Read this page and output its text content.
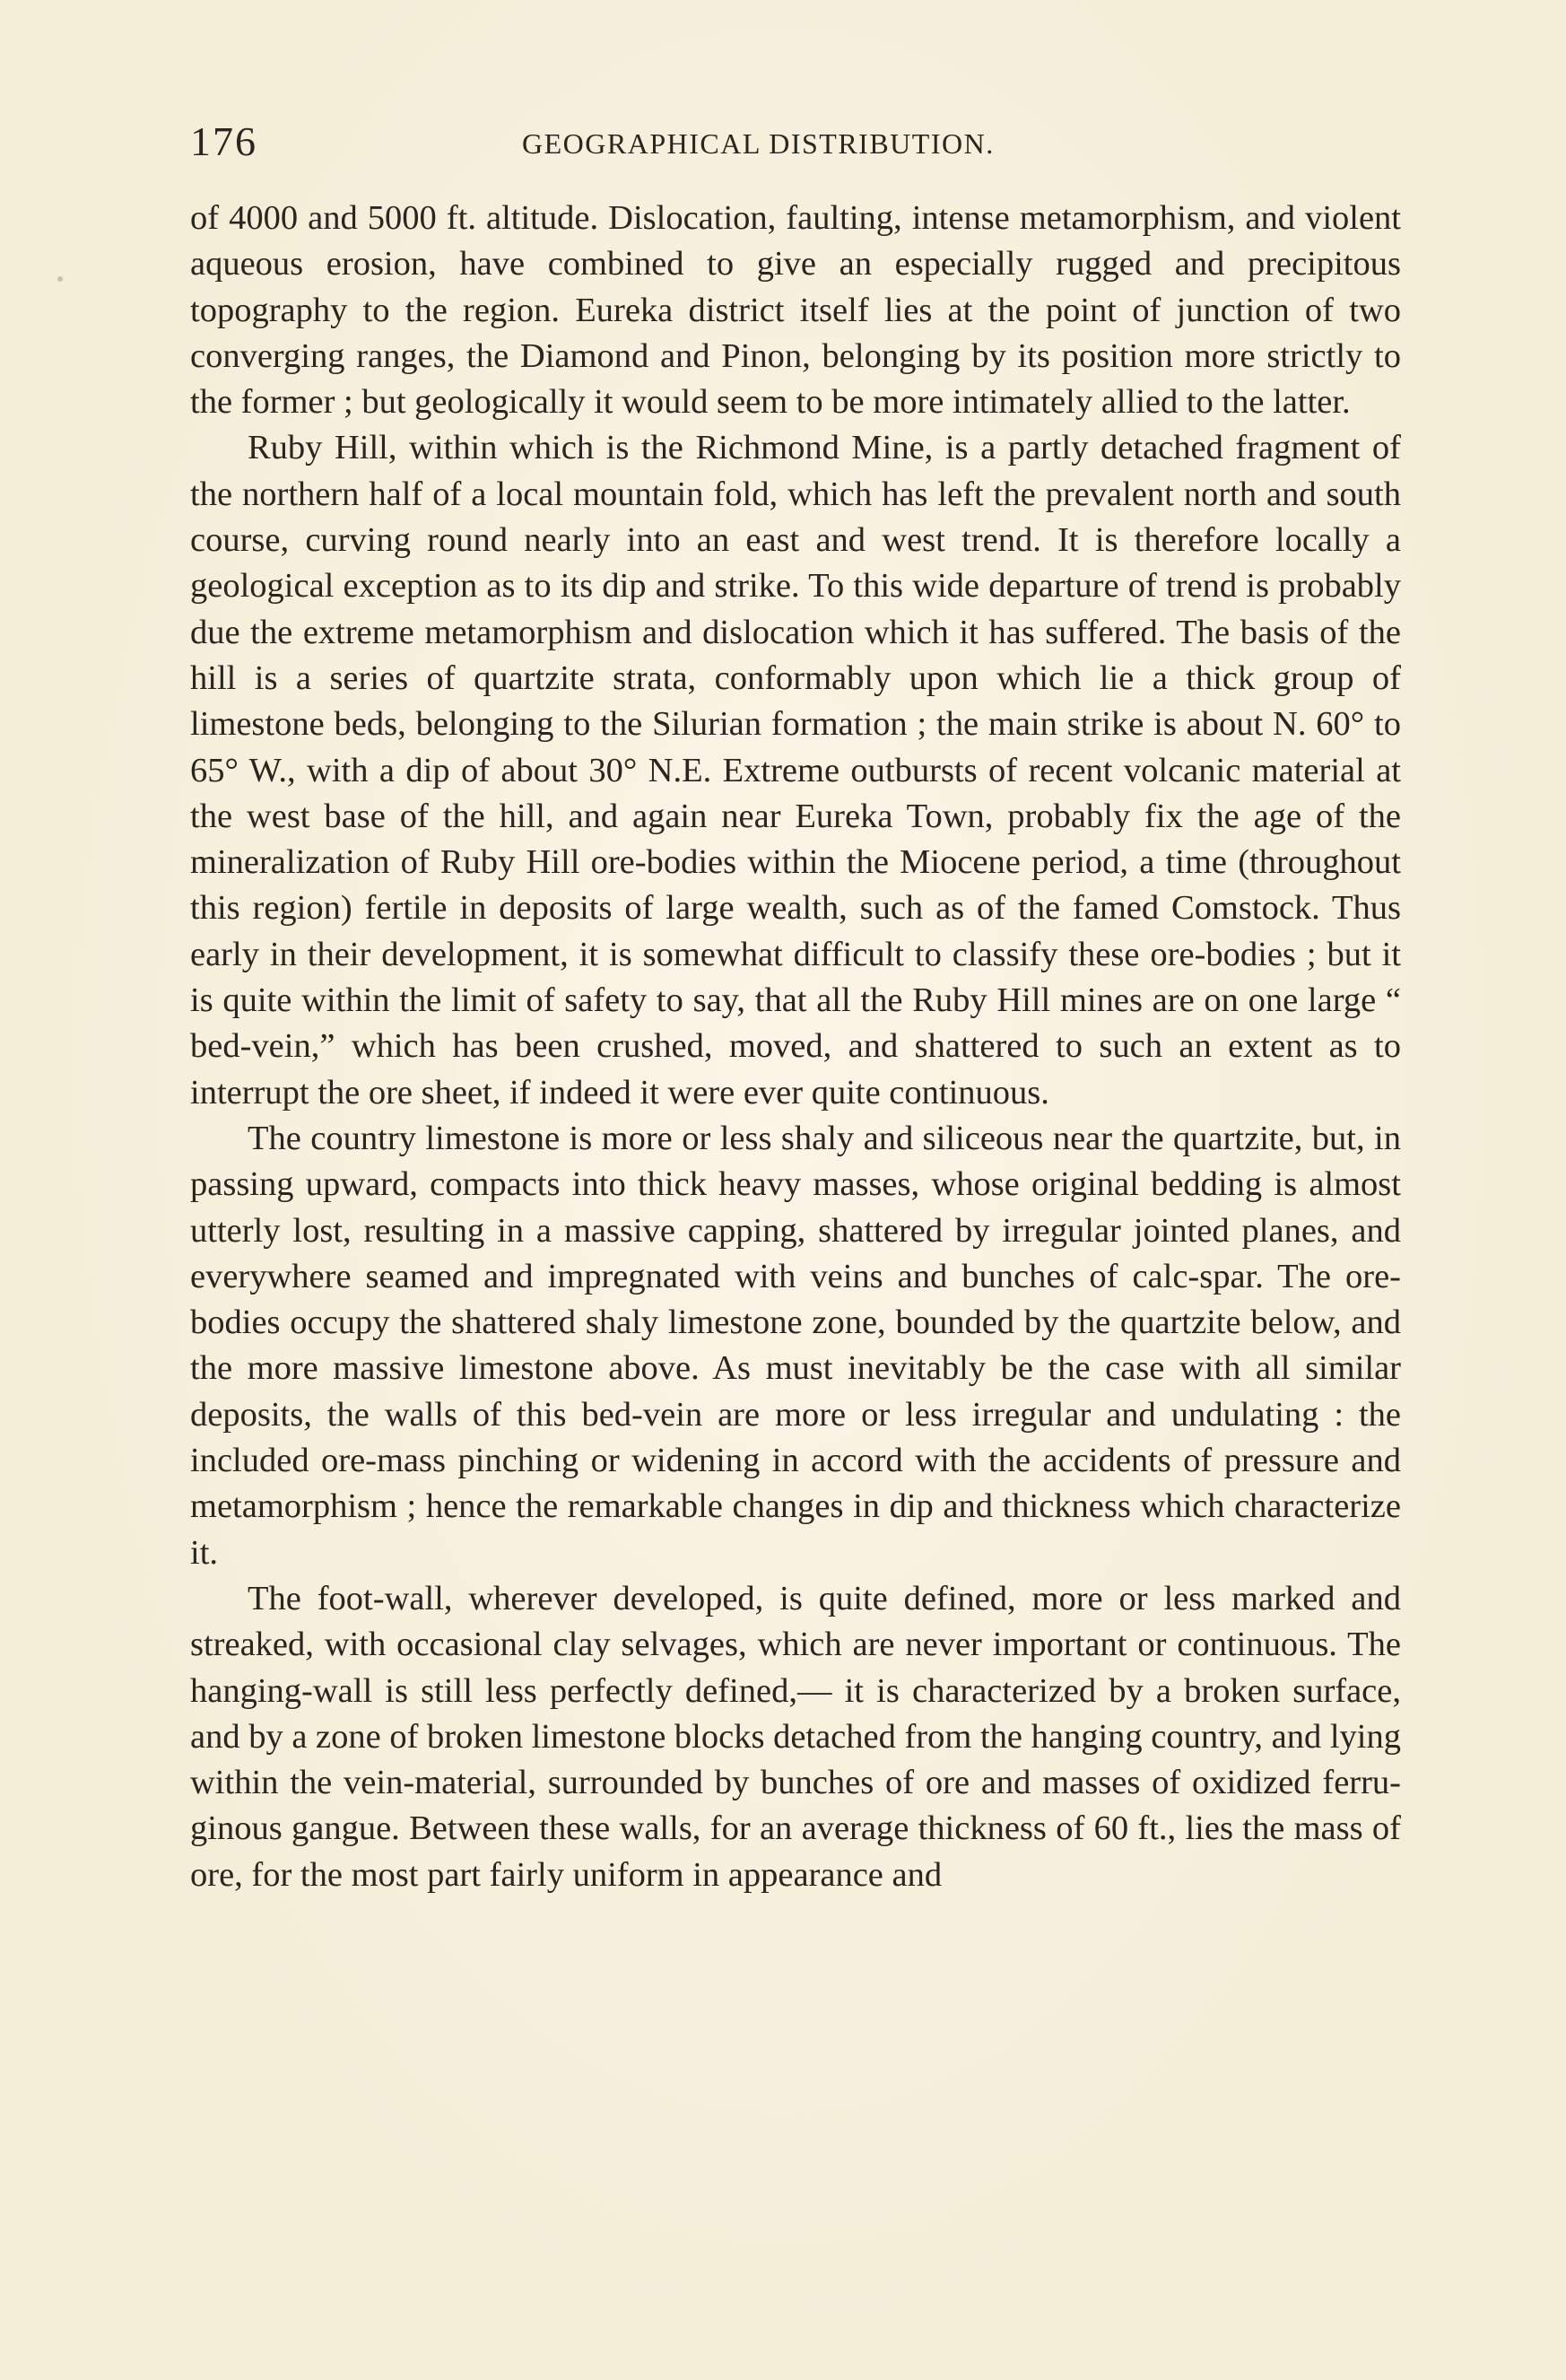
176	GEOGRAPHICAL DISTRIBUTION.

of 4000 and 5000 ft. altitude. Dislocation, faulting, intense metamorphism, and violent aqueous erosion, have combined to give an especially rugged and precipitous topography to the region. Eureka district itself lies at the point of junction of two converging ranges, the Diamond and Pinon, belonging by its position more strictly to the former ; but geologically it would seem to be more intimately allied to the latter.

Ruby Hill, within which is the Richmond Mine, is a partly detached fragment of the northern half of a local mountain fold, which has left the prevalent north and south course, curving round nearly into an east and west trend. It is therefore locally a geological exception as to its dip and strike. To this wide departure of trend is probably due the extreme metamorphism and dislocation which it has suffered. The basis of the hill is a series of quartzite strata, conformably upon which lie a thick group of limestone beds, belonging to the Silurian formation ; the main strike is about N. 60° to 65° W., with a dip of about 30° N.E. Extreme outbursts of recent volcanic material at the west base of the hill, and again near Eureka Town, probably fix the age of the mineralization of Ruby Hill ore-bodies within the Miocene period, a time (throughout this region) fertile in deposits of large wealth, such as of the famed Comstock. Thus early in their development, it is somewhat difficult to classify these ore-bodies ; but it is quite within the limit of safety to say, that all the Ruby Hill mines are on one large “ bed-vein,” which has been crushed, moved, and shattered to such an extent as to interrupt the ore sheet, if indeed it were ever quite continuous.

The country limestone is more or less shaly and siliceous near the quartzite, but, in passing upward, compacts into thick heavy masses, whose original bedding is almost utterly lost, resulting in a massive capping, shattered by irregular jointed planes, and everywhere seamed and impregnated with veins and bunches of calc-spar. The ore-bodies occupy the shattered shaly limestone zone, bounded by the quartzite below, and the more massive limestone above. As must inevitably be the case with all similar deposits, the walls of this bed-vein are more or less irregular and undulating : the included ore-mass pinching or widening in accord with the accidents of pressure and metamorphism ; hence the remarkable changes in dip and thickness which characterize it.

The foot-wall, wherever developed, is quite defined, more or less marked and streaked, with occasional clay selvages, which are never important or continuous. The hanging-wall is still less perfectly defined,— it is characterized by a broken surface, and by a zone of broken limestone blocks detached from the hanging country, and lying within the vein-material, surrounded by bunches of ore and masses of oxidized ferruginous gangue. Between these walls, for an average thickness of 60 ft., lies the mass of ore, for the most part fairly uniform in appearance and
